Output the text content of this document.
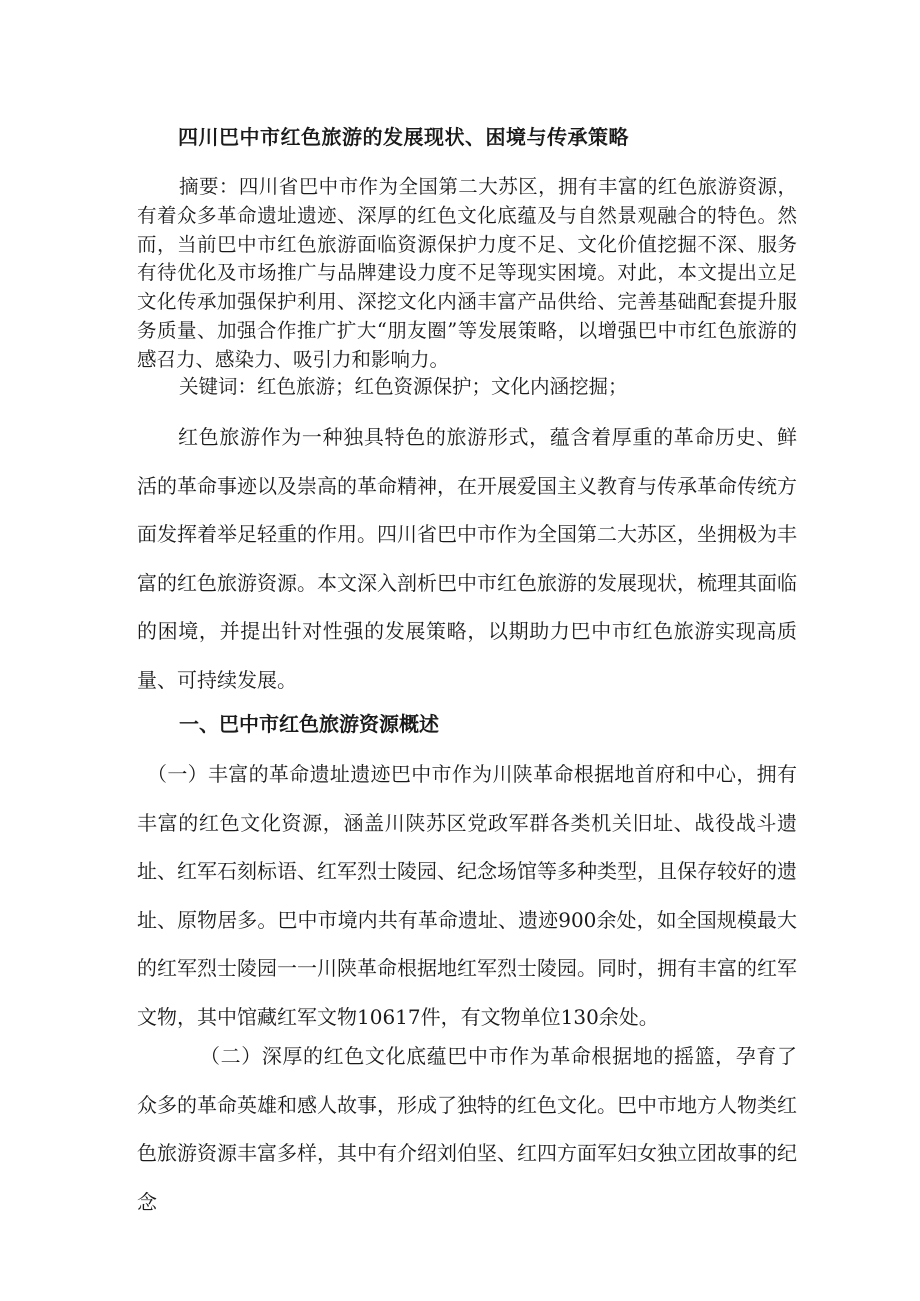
四川巴中市红色旅游的发展现状、困境与传承策略
摘要：四川省巴中市作为全国第二大苏区，拥有丰富的红色旅游资源，有着众多革命遗址遗迹、深厚的红色文化底蕴及与自然景观融合的特色。然而，当前巴中市红色旅游面临资源保护力度不足、文化价值挖掘不深、服务有待优化及市场推广与品牌建设力度不足等现实困境。对此，本文提出立足文化传承加强保护利用、深挖文化内涵丰富产品供给、完善基础配套提升服务质量、加强合作推广扩大“朋友圈”等发展策略，以增强巴中市红色旅游的感召力、感染力、吸引力和影响力。
关键词：红色旅游；红色资源保护；文化内涵挖掘；
红色旅游作为一种独具特色的旅游形式，蕴含着厚重的革命历史、鲜活的革命事迹以及崇高的革命精神，在开展爱国主义教育与传承革命传统方面发挥着举足轻重的作用。四川省巴中市作为全国第二大苏区，坐拥极为丰富的红色旅游资源。本文深入剖析巴中市红色旅游的发展现状，梳理其面临的困境，并提出针对性强的发展策略，以期助力巴中市红色旅游实现高质量、可持续发展。
一、巴中市红色旅游资源概述
（一）丰富的革命遗址遗迹巴中市作为川陕革命根据地首府和中心，拥有丰富的红色文化资源，涵盖川陕苏区党政军群各类机关旧址、战役战斗遗址、红军石刻标语、红军烈士陵园、纪念场馆等多种类型，且保存较好的遗址、原物居多。巴中市境内共有革命遗址、遗迹900余处，如全国规模最大的红军烈士陵园一一川陕革命根据地红军烈士陵园。同时，拥有丰富的红军文物，其中馆藏红军文物10617件，有文物单位130余处。
（二）深厚的红色文化底蕴巴中市作为革命根据地的摇篮，孕育了众多的革命英雄和感人故事，形成了独特的红色文化。巴中市地方人物类红色旅游资源丰富多样，其中有介绍刘伯坚、红四方面军妇女独立团故事的纪念
